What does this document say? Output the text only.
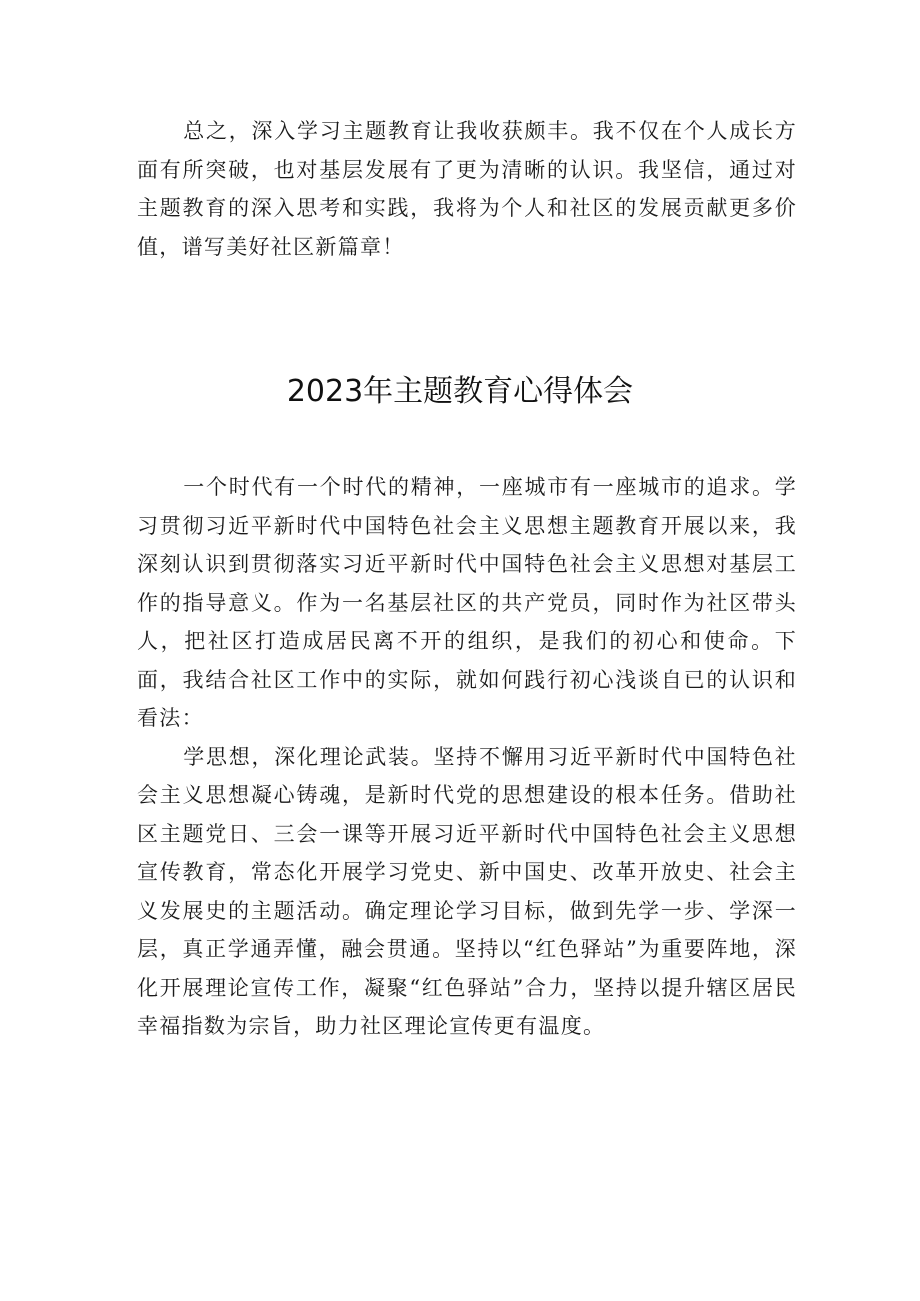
总之，深入学习主题教育让我收获颇丰。我不仅在个人成长方面有所突破，也对基层发展有了更为清晰的认识。我坚信，通过对主题教育的深入思考和实践，我将为个人和社区的发展贡献更多价值，谱写美好社区新篇章！

2023年主题教育心得体会

一个时代有一个时代的精神，一座城市有一座城市的追求。学习贯彻习近平新时代中国特色社会主义思想主题教育开展以来，我深刻认识到贯彻落实习近平新时代中国特色社会主义思想对基层工作的指导意义。作为一名基层社区的共产党员，同时作为社区带头人，把社区打造成居民离不开的组织，是我们的初心和使命。下面，我结合社区工作中的实际，就如何践行初心浅谈自已的认识和看法：

学思想，深化理论武装。坚持不懈用习近平新时代中国特色社会主义思想凝心铸魂，是新时代党的思想建设的根本任务。借助社区主题党日、三会一课等开展习近平新时代中国特色社会主义思想宣传教育，常态化开展学习党史、新中国史、改革开放史、社会主义发展史的主题活动。确定理论学习目标，做到先学一步、学深一层，真正学通弄懂，融会贯通。坚持以“红色驿站”为重要阵地，深化开展理论宣传工作，凝聚“红色驿站”合力，坚持以提升辖区居民幸福指数为宗旨，助力社区理论宣传更有温度。
